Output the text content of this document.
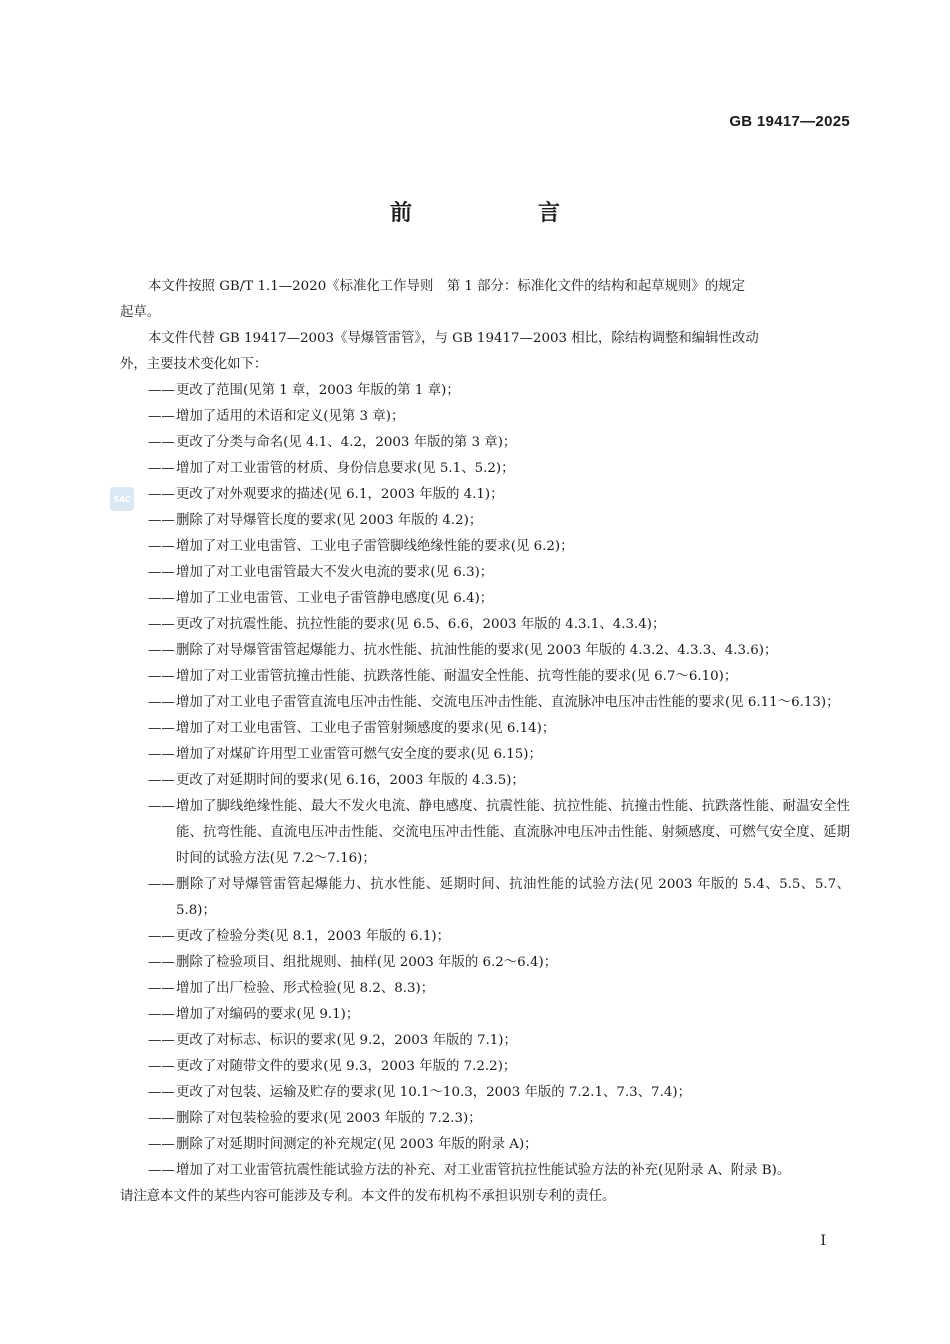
GB 19417—2025
前　言
SAC

本文件按照 GB/T 1.1—2020《标准化工作导则　第 1 部分：标准化文件的结构和起草规则》的规定

起草。

本文件代替 GB 19417—2003《导爆管雷管》，与 GB 19417—2003 相比，除结构调整和编辑性改动

外，主要技术变化如下：

—— 更改了范围(见第 1 章，2003 年版的第 1 章)；

—— 增加了适用的术语和定义(见第 3 章)；

—— 更改了分类与命名(见 4.1、4.2，2003 年版的第 3 章)；

—— 增加了对工业雷管的材质、身份信息要求(见 5.1、5.2)；

—— 更改了对外观要求的描述(见 6.1，2003 年版的 4.1)；

—— 删除了对导爆管长度的要求(见 2003 年版的 4.2)；

—— 增加了对工业电雷管、工业电子雷管脚线绝缘性能的要求(见 6.2)；

—— 增加了对工业电雷管最大不发火电流的要求(见 6.3)；

—— 增加了工业电雷管、工业电子雷管静电感度(见 6.4)；

—— 更改了对抗震性能、抗拉性能的要求(见 6.5、6.6，2003 年版的 4.3.1、4.3.4)；

—— 删除了对导爆管雷管起爆能力、抗水性能、抗油性能的要求(见 2003 年版的 4.3.2、4.3.3、4.3.6)；

—— 增加了对工业雷管抗撞击性能、抗跌落性能、耐温安全性能、抗弯性能的要求(见 6.7～6.10)；

—— 增加了对工业电子雷管直流电压冲击性能、交流电压冲击性能、直流脉冲电压冲击性能的要求(见 6.11～6.13)；

—— 增加了对工业电雷管、工业电子雷管射频感度的要求(见 6.14)；

—— 增加了对煤矿许用型工业雷管可燃气安全度的要求(见 6.15)；

—— 更改了对延期时间的要求(见 6.16，2003 年版的 4.3.5)；

—— 增加了脚线绝缘性能、最大不发火电流、静电感度、抗震性能、抗拉性能、抗撞击性能、抗跌落性能、耐温安全性能、抗弯性能、直流电压冲击性能、交流电压冲击性能、直流脉冲电压冲击性能、射频感度、可燃气安全度、延期时间的试验方法(见 7.2～7.16)；

—— 删除了对导爆管雷管起爆能力、抗水性能、延期时间、抗油性能的试验方法(见 2003 年版的 5.4、5.5、5.7、5.8)；

—— 更改了检验分类(见 8.1，2003 年版的 6.1)；

—— 删除了检验项目、组批规则、抽样(见 2003 年版的 6.2～6.4)；

—— 增加了出厂检验、形式检验(见 8.2、8.3)；

—— 增加了对编码的要求(见 9.1)；

—— 更改了对标志、标识的要求(见 9.2，2003 年版的 7.1)；

—— 更改了对随带文件的要求(见 9.3，2003 年版的 7.2.2)；

—— 更改了对包装、运输及贮存的要求(见 10.1～10.3，2003 年版的 7.2.1、7.3、7.4)；

—— 删除了对包装检验的要求(见 2003 年版的 7.2.3)；

—— 删除了对延期时间测定的补充规定(见 2003 年版的附录 A)；

—— 增加了对工业雷管抗震性能试验方法的补充、对工业雷管抗拉性能试验方法的补充(见附录 A、附录 B)。

请注意本文件的某些内容可能涉及专利。本文件的发布机构不承担识别专利的责任。

I
